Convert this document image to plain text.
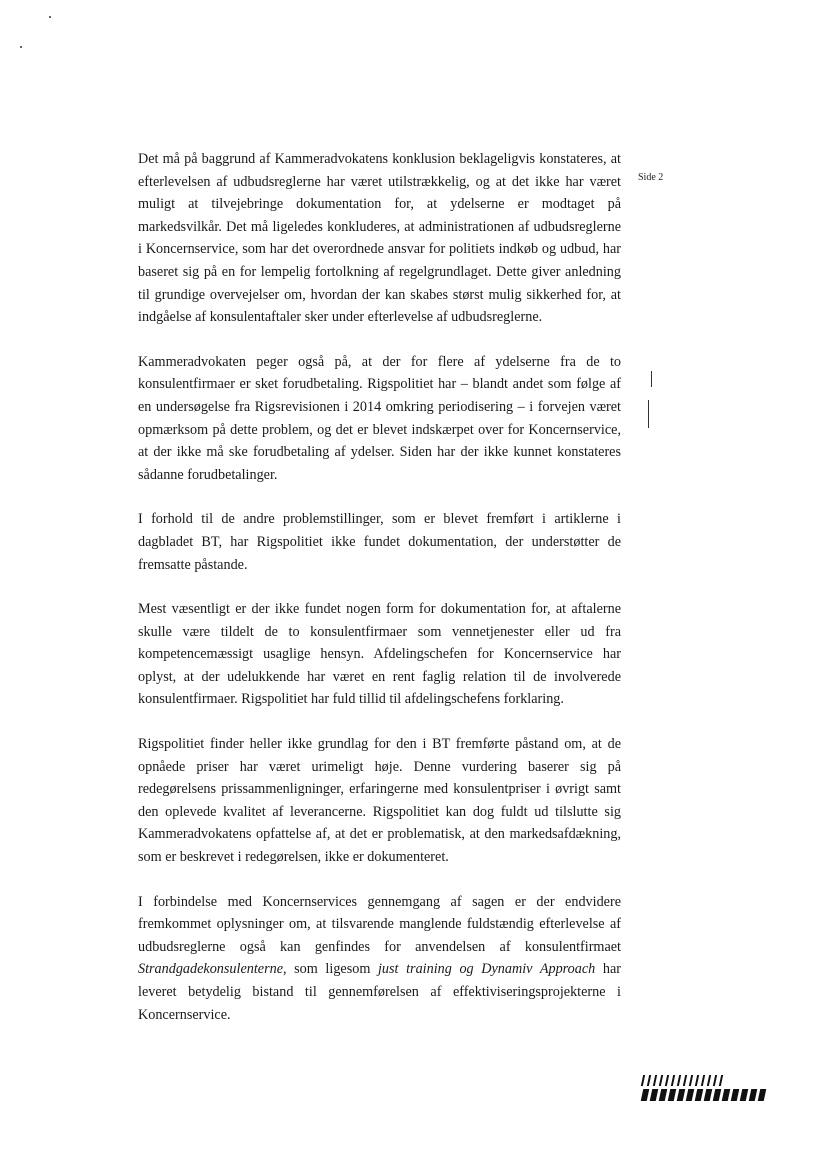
Side 2

Det må på baggrund af Kammeradvokatens konklusion beklageligvis konstateres, at efterlevelsen af udbudsreglerne har været utilstrækkelig, og at det ikke har været muligt at tilvejebringe dokumentation for, at ydelserne er modtaget på markedsvilkår. Det må ligeledes konkluderes, at administrationen af udbudsreglerne i Koncernservice, som har det overordnede ansvar for politiets indkøb og udbud, har baseret sig på en for lempelig fortolkning af regelgrundlaget. Dette giver anledning til grundige overvejelser om, hvordan der kan skabes størst mulig sikkerhed for, at indgåelse af konsulentaftaler sker under efterlevelse af udbudsreglerne.

Kammeradvokaten peger også på, at der for flere af ydelserne fra de to konsulentfirmaer er sket forudbetaling. Rigspolitiet har – blandt andet som følge af en undersøgelse fra Rigsrevisionen i 2014 omkring periodisering – i forvejen været opmærksom på dette problem, og det er blevet indskærpet over for Koncernservice, at der ikke må ske forudbetaling af ydelser. Siden har der ikke kunnet konstateres sådanne forudbetalinger.

I forhold til de andre problemstillinger, som er blevet fremført i artiklerne i dagbladet BT, har Rigspolitiet ikke fundet dokumentation, der understøtter de fremsatte påstande.

Mest væsentligt er der ikke fundet nogen form for dokumentation for, at aftalerne skulle være tildelt de to konsulentfirmaer som vennetjenester eller ud fra kompetencemæssigt usaglige hensyn. Afdelingschefen for Koncernservice har oplyst, at der udelukkende har været en rent faglig relation til de involverede konsulentfirmaer. Rigspolitiet har fuld tillid til afdelingschefens forklaring.

Rigspolitiet finder heller ikke grundlag for den i BT fremførte påstand om, at de opnåede priser har været urimeligt høje. Denne vurdering baserer sig på redegørelsens prissammenligninger, erfaringerne med konsulentpriser i øvrigt samt den oplevede kvalitet af leverancerne. Rigspolitiet kan dog fuldt ud tilslutte sig Kammeradvokatens opfattelse af, at det er problematisk, at den markedsafdækning, som er beskrevet i redegørelsen, ikke er dokumenteret.

I forbindelse med Koncernservices gennemgang af sagen er der endvidere fremkommet oplysninger om, at tilsvarende manglende fuldstændig efterlevelse af udbudsreglerne også kan genfindes for anvendelsen af konsulentfirmaet Strandgadekonsulenterne, som ligesom just training og Dynamiv Approach har leveret betydelig bistand til gennemførelsen af effektiviseringsprojekterne i Koncernservice.
